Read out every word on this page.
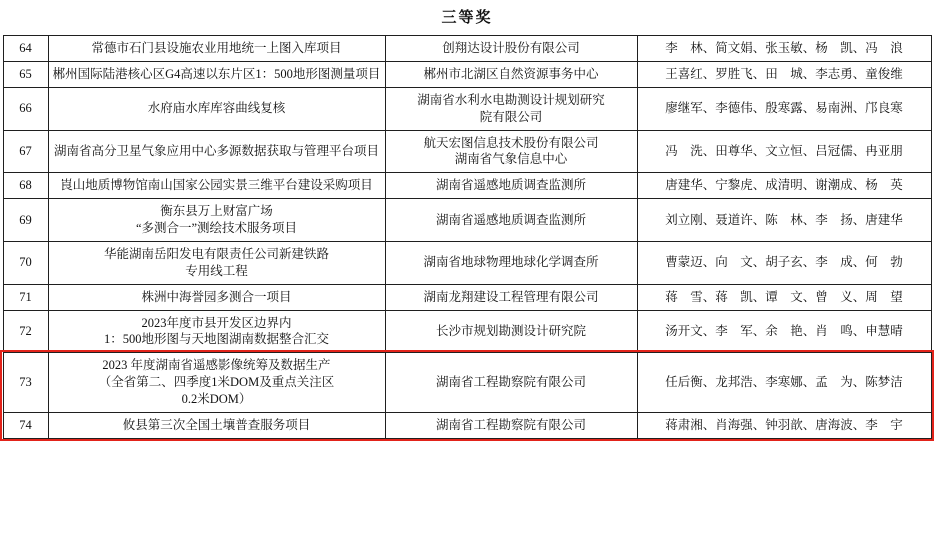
三等奖
64	常德市石门县设施农业用地统一上图入库项目	创翔达设计股份有限公司	李　林、简文娟、张玉敏、杨　凯、冯　浪
65	郴州国际陆港核心区G4高速以东片区1：500地形图测量项目	郴州市北湖区自然资源事务中心	王喜红、罗胜飞、田　城、李志勇、童俊维
66	水府庙水库库容曲线复核	湖南省水利水电勘测设计规划研究
院有限公司	廖继军、李德伟、殷寒露、易南洲、邝良寒
67	湖南省高分卫星气象应用中心多源数据获取与管理平台项目	航天宏图信息技术股份有限公司
湖南省气象信息中心	冯　洗、田尊华、文立恒、吕冠儒、冉亚朋
68	崀山地质博物馆南山国家公园实景三维平台建设采购项目	湖南省遥感地质调查监测所	唐建华、宁黎虎、成清明、谢潮成、杨　英
69	衡东县万上财富广场
“多测合一”测绘技术服务项目	湖南省遥感地质调查监测所	刘立刚、聂道许、陈　林、李　扬、唐建华
70	华能湖南岳阳发电有限责任公司新建铁路
专用线工程	湖南省地球物理地球化学调查所	曹蒙迈、向　文、胡子玄、李　成、何　勃
71	株洲中海誉园多测合一项目	湖南龙翔建设工程管理有限公司	蒋　雪、蒋　凯、谭　文、曾　义、周　望
72	2023年度市县开发区边界内
1：500地形图与天地图湖南数据整合汇交	长沙市规划勘测设计研究院	汤开文、李　军、余　艳、肖　鸣、申慧晴
73	2023 年度湖南省遥感影像统筹及数据生产
（全省第二、四季度1米DOM及重点关注区
0.2米DOM）	湖南省工程勘察院有限公司	任后衡、龙邦浩、李寒娜、孟　为、陈梦洁
74	攸县第三次全国土壤普查服务项目	湖南省工程勘察院有限公司	蒋肃湘、肖海强、钟羽歆、唐海波、李　宇
